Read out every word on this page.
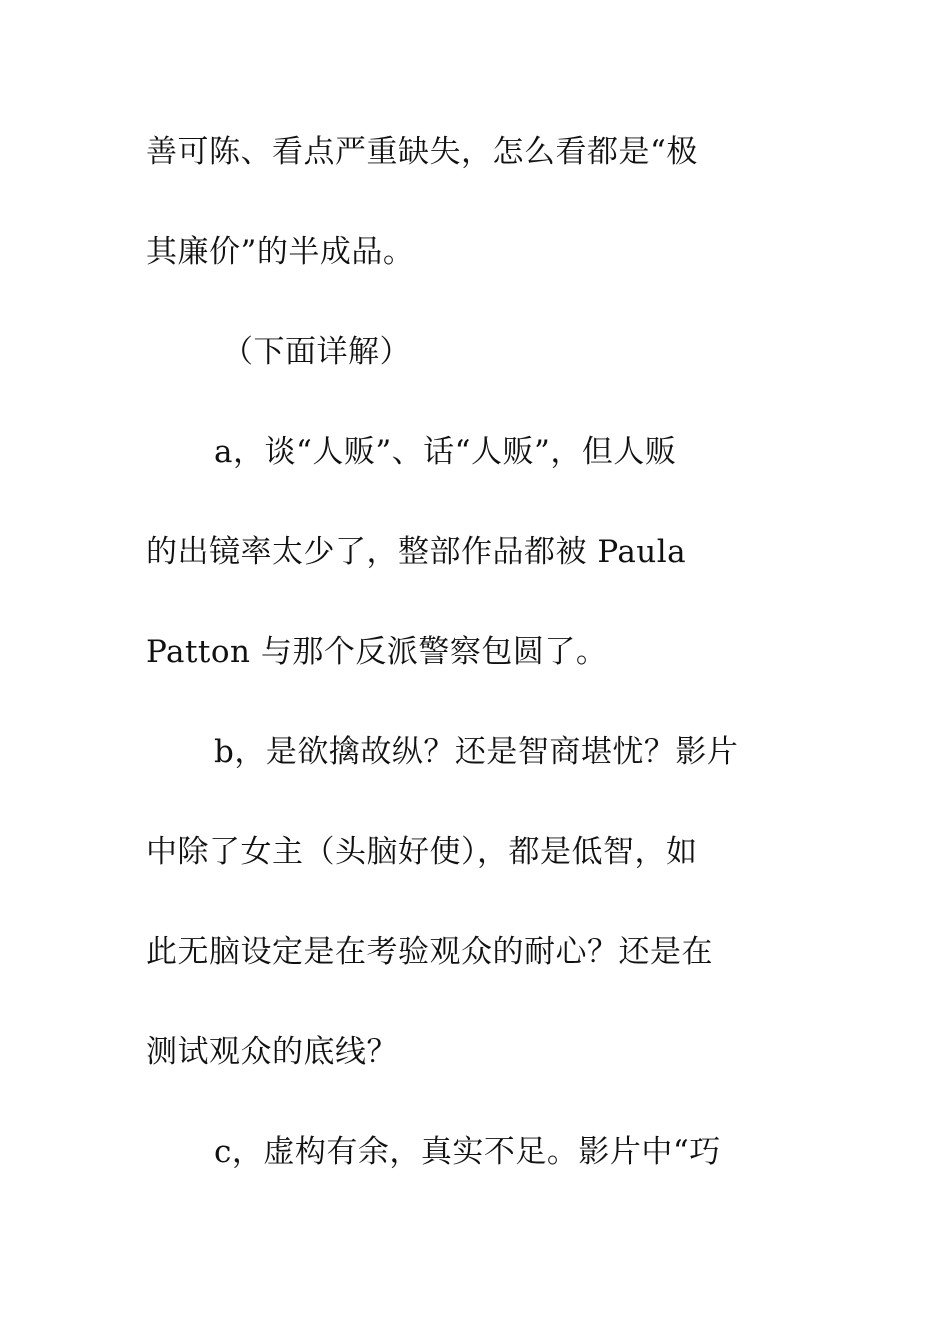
善可陈、看点严重缺失，怎么看都是“极
其廉价”的半成品。
（下面详解）
a，谈“人贩”、话“人贩”，但人贩
的出镜率太少了，整部作品都被 Paula
Patton 与那个反派警察包圆了。
b，是欲擒故纵？还是智商堪忧？影片
中除了女主（头脑好使），都是低智，如
此无脑设定是在考验观众的耐心？还是在
测试观众的底线？
c，虚构有余，真实不足。影片中“巧
